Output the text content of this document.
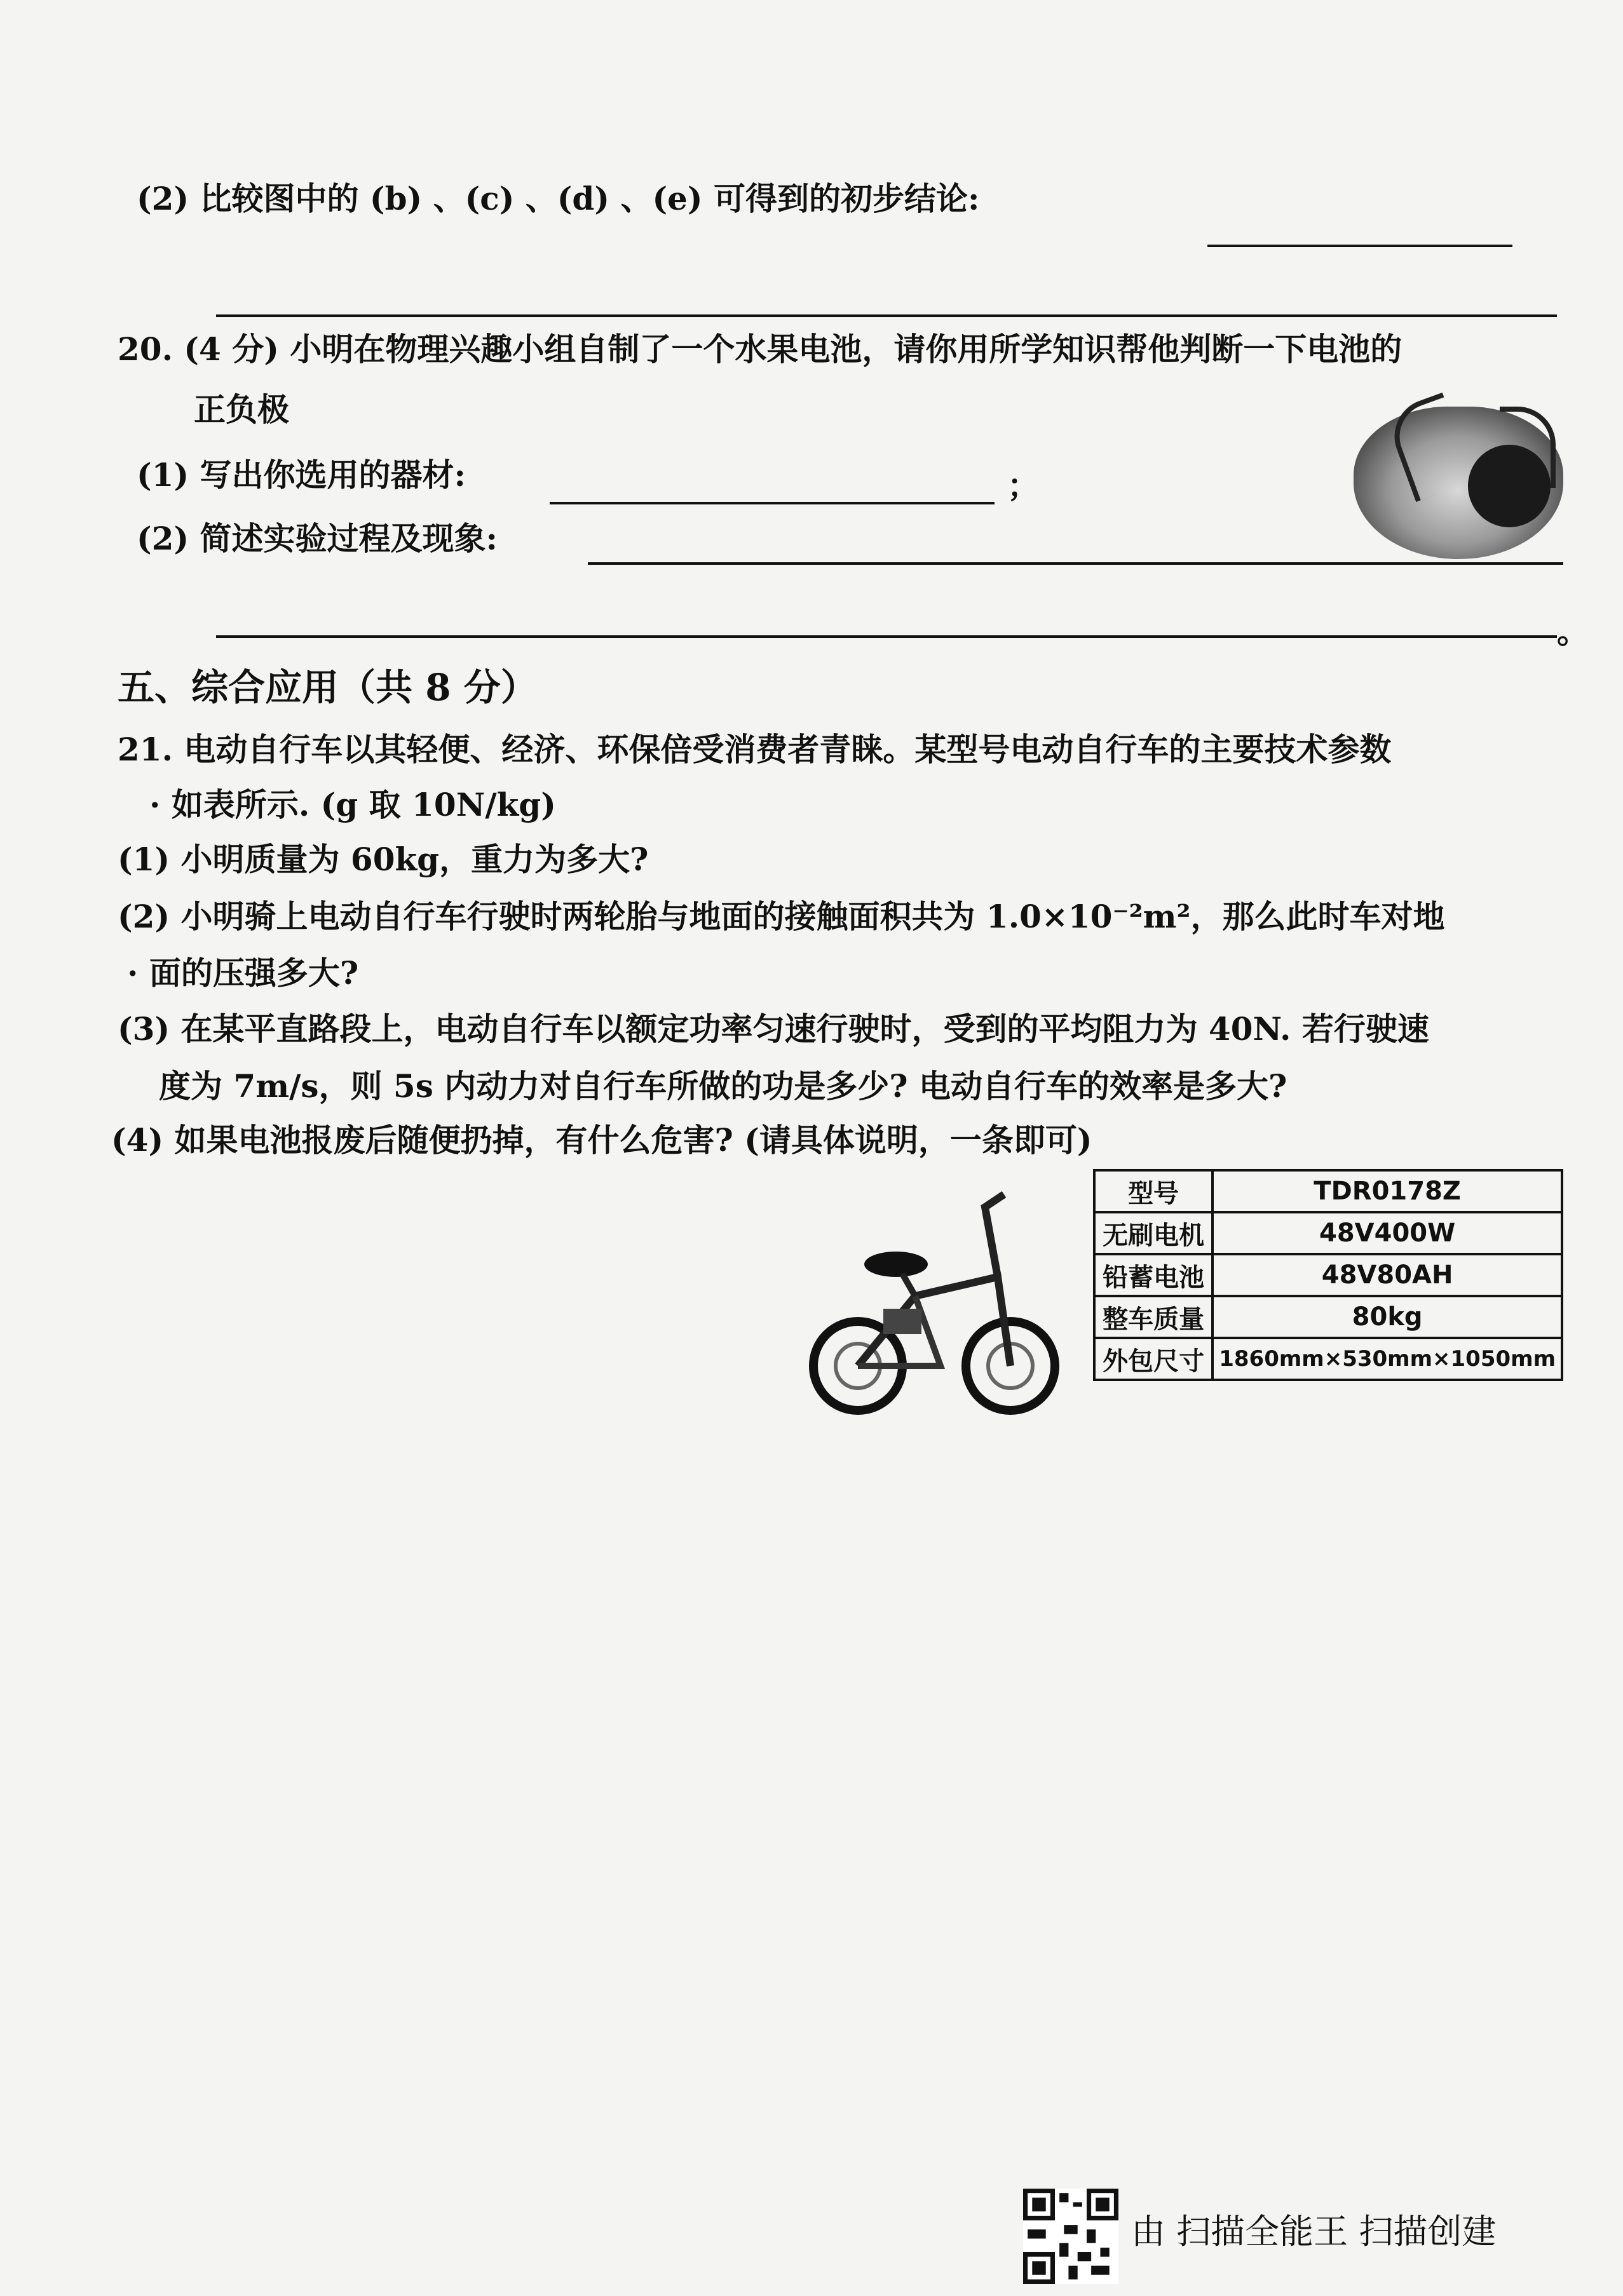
(2) 比较图中的 (b) 、(c) 、(d) 、(e) 可得到的初步结论:
20. (4 分) 小明在物理兴趣小组自制了一个水果电池，请你用所学知识帮他判断一下电池的
正负极
(1) 写出你选用的器材:	；
(2) 简述实验过程及现象:
。
五、综合应用（共 8 分）
21. 电动自行车以其轻便、经济、环保倍受消费者青睐。某型号电动自行车的主要技术参数
· 如表所示. (g 取 10N/kg)
(1) 小明质量为 60kg，重力为多大?
(2) 小明骑上电动自行车行驶时两轮胎与地面的接触面积共为 1.0×10⁻²m²，那么此时车对地
· 面的压强多大?
(3) 在某平直路段上，电动自行车以额定功率匀速行驶时，受到的平均阻力为 40N. 若行驶速
度为 7m/s，则 5s 内动力对自行车所做的功是多少? 电动自行车的效率是多大?
(4) 如果电池报废后随便扔掉，有什么危害? (请具体说明，一条即可)
型号	TDR0178Z
无刷电机	48V400W
铅蓄电池	48V80AH
整车质量	80kg
外包尺寸	1860mm×530mm×1050mm
由 扫描全能王 扫描创建
